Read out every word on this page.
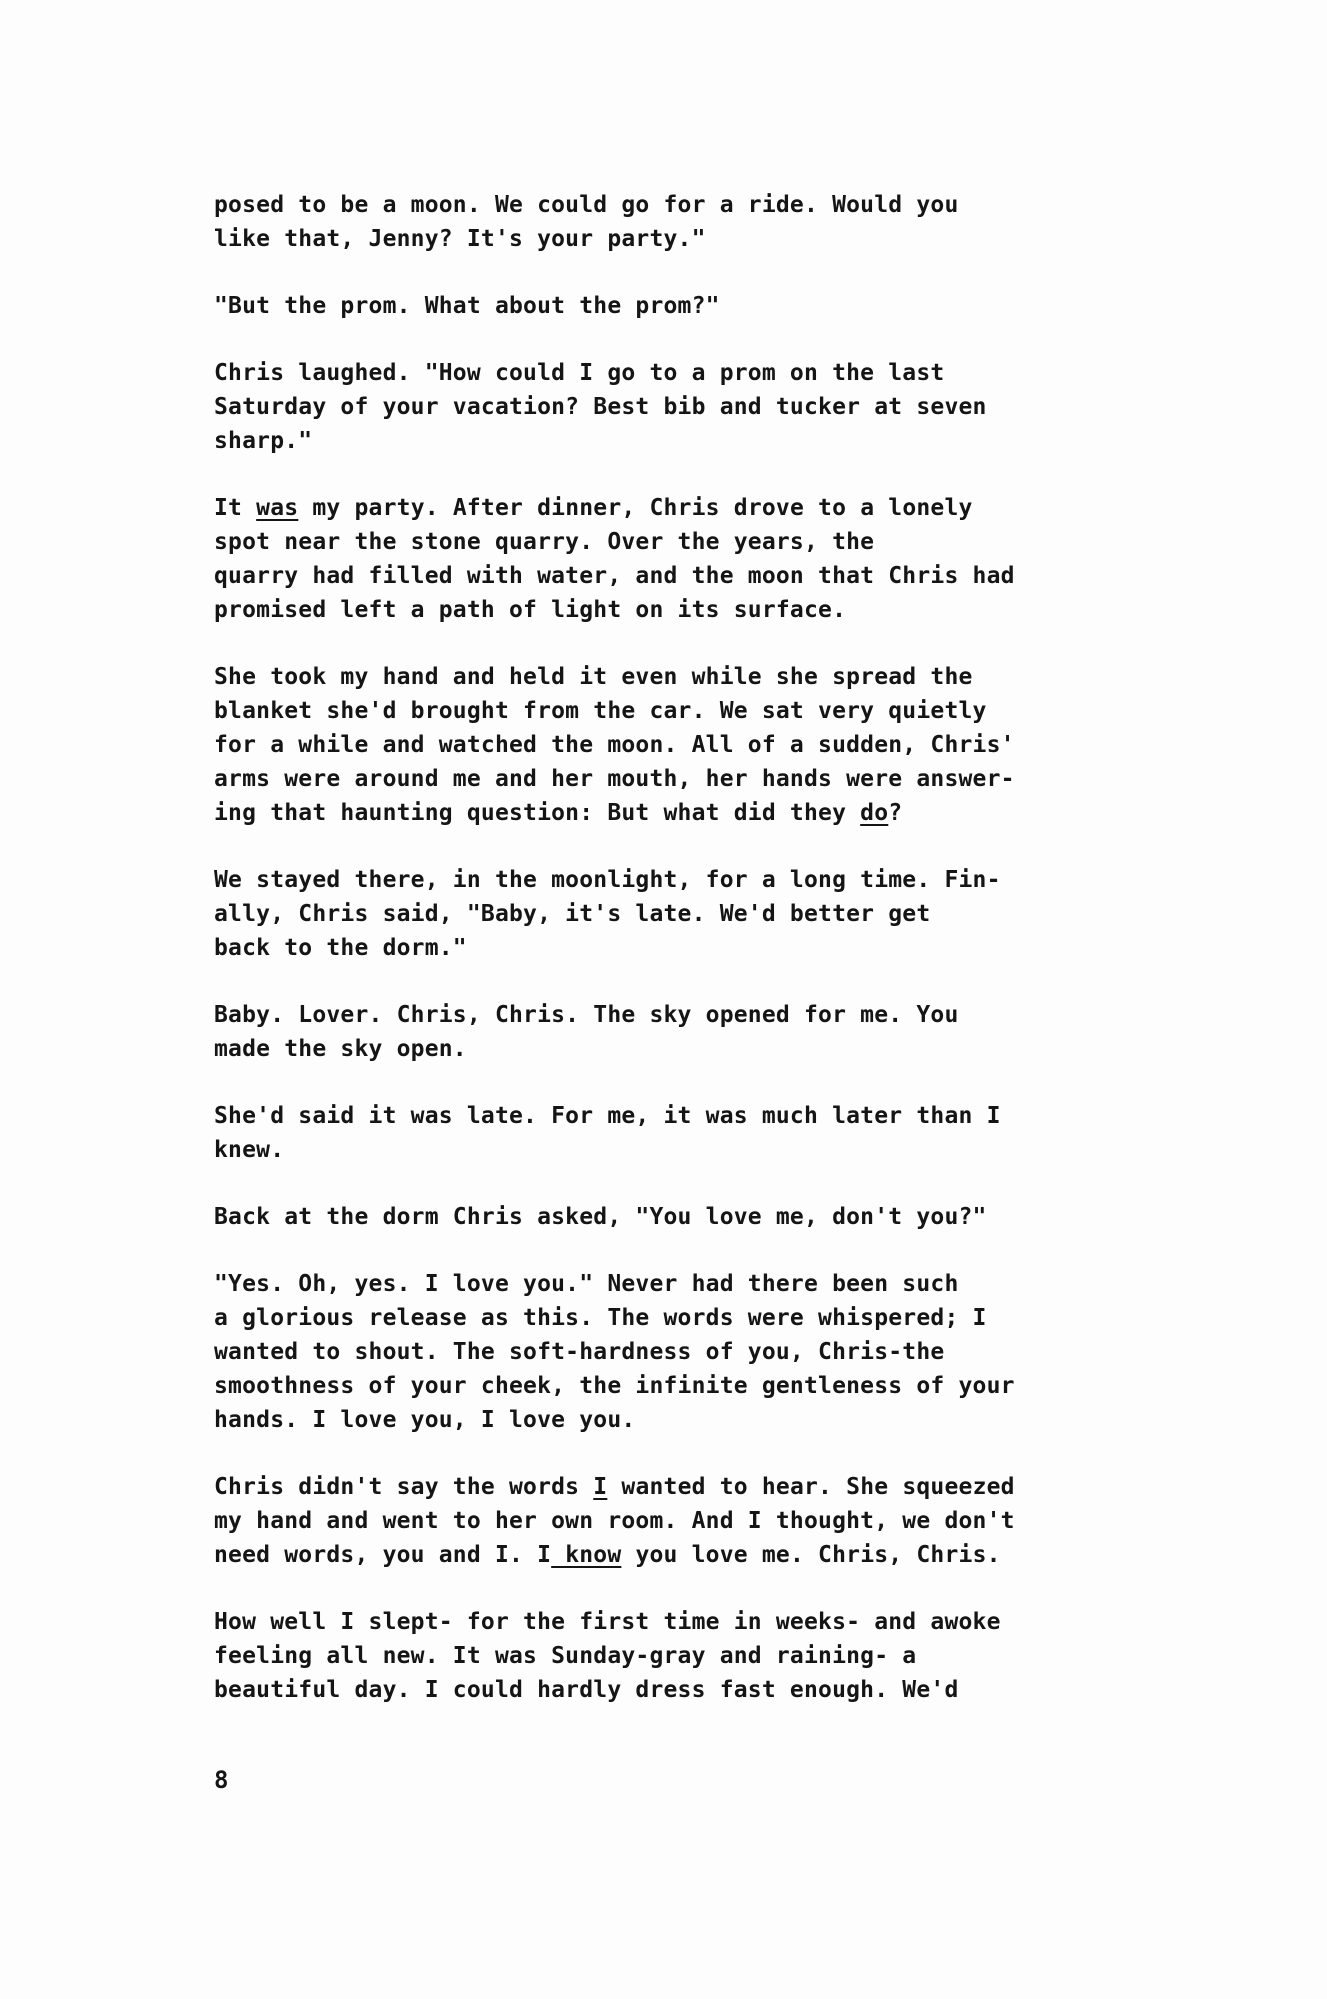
posed to be a moon. We could go for a ride. Would you
like that, Jenny? It's your party."

"But the prom. What about the prom?"

Chris laughed. "How could I go to a prom on the last
Saturday of your vacation? Best bib and tucker at seven
sharp."

It was my party. After dinner, Chris drove to a lonely
spot near the stone quarry. Over the years, the
quarry had filled with water, and the moon that Chris had
promised left a path of light on its surface.

She took my hand and held it even while she spread the
blanket she'd brought from the car. We sat very quietly
for a while and watched the moon. All of a sudden, Chris'
arms were around me and her mouth, her hands were answer-
ing that haunting question: But what did they do?

We stayed there, in the moonlight, for a long time. Fin-
ally, Chris said, "Baby, it's late. We'd better get
back to the dorm."

Baby. Lover. Chris, Chris. The sky opened for me. You
made the sky open.

She'd said it was late. For me, it was much later than I
knew.

Back at the dorm Chris asked, "You love me, don't you?"

"Yes. Oh, yes. I love you." Never had there been such
a glorious release as this. The words were whispered; I
wanted to shout. The soft-hardness of you, Chris-the
smoothness of your cheek, the infinite gentleness of your
hands. I love you, I love you.

Chris didn't say the words I wanted to hear. She squeezed
my hand and went to her own room. And I thought, we don't
need words, you and I. I know you love me. Chris, Chris.

How well I slept- for the first time in weeks- and awoke
feeling all new. It was Sunday-gray and raining- a
beautiful day. I could hardly dress fast enough. We'd

8
